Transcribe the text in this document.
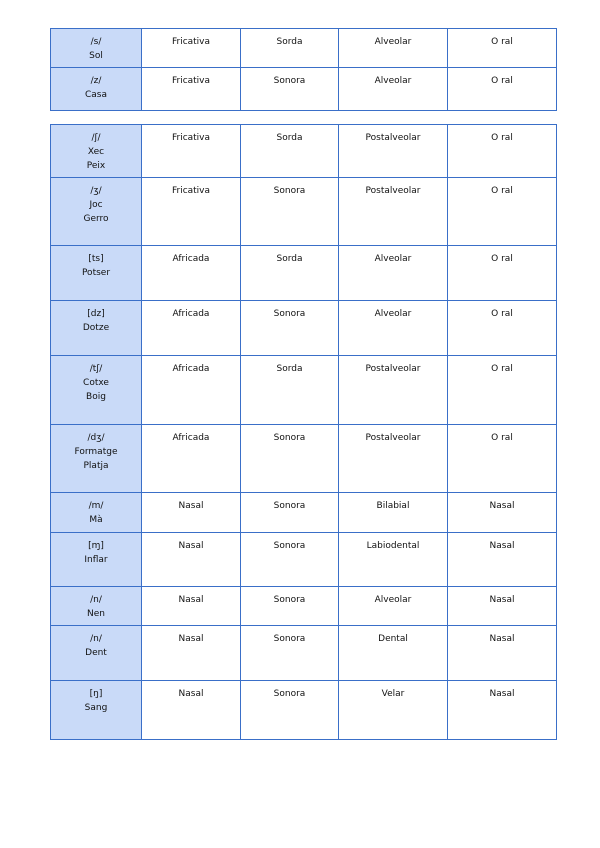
/s/
Sol	Fricativa	Sorda	Alveolar	O ral

/z/
Casa	Fricativa	Sonora	Alveolar	O ral
/ʃ/
Xec
Peix	Fricativa	Sorda	Postalveolar	O ral

/ʒ/
Joc
Gerro	Fricativa	Sonora	Postalveolar	O ral

[ts]
Potser	Africada	Sorda	Alveolar	O ral

[dz]
Dotze	Africada	Sonora	Alveolar	O ral

/tʃ/
Cotxe
Boig	Africada	Sorda	Postalveolar	O ral

/dʒ/
Formatge
Platja	Africada	Sonora	Postalveolar	O ral

/m/
Mà	Nasal	Sonora	Bilabial	Nasal

[ɱ]
Inflar	Nasal	Sonora	Labiodental	Nasal

/n/
Nen	Nasal	Sonora	Alveolar	Nasal

/n/
Dent	Nasal	Sonora	Dental	Nasal

[ŋ]
Sang	Nasal	Sonora	Velar	Nasal
